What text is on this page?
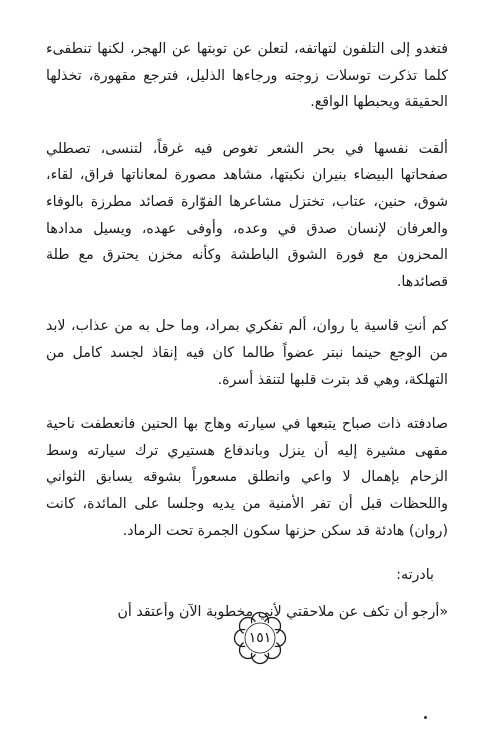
فتغدو إلى التلفون لتهاتفه، لتعلن عن توبتها عن الهجر، لكنها تنطفىء كلما تذكرت توسلات زوجته ورجاءها الذليل، فترجع مقهورة، تخذلها الحقيقة ويحبطها الواقع.

ألقت نفسها في بحر الشعر تغوص فيه غرقاً، لتنسى، تصطلي صفحاتها البيضاء بنيران نكبتها، مشاهد مصورة لمعاناتها فراق، لقاء، شوق، حنين، عتاب، تختزل مشاعرها الفوّارة قصائد مطرزة بالوفاء والعرفان لإنسان صدق في وعده، وأوفى عهده، ويسيل مدادها المحزون مع فورة الشوق الباطشة وكأنه مخزن يحترق مع طلة قصائدها.

كم أنتِ قاسية يا روان، ألم تفكري بمراد، وما حل به من عذاب، لابد من الوجع حينما نبتر عضواً طالما كان فيه إنقاذ لجسد كامل من التهلكة، وهي قد بترت قلبها لتنقذ أسرة.

صادفته ذات صباح يتبعها في سيارته وهاج بها الحنين فانعطفت ناحية مقهى مشيرة إليه أن ينزل وباندفاع هستيري ترك سيارته وسط الزحام بإهمال لا واعي وانطلق مسعوراً بشوقه يسابق الثواني واللحظات قبل أن تفر الأمنية من يديه وجلسا على المائدة، كانت (روان) هادئة قد سكن حزنها سكون الجمرة تحت الرماد.

بادرته:

«أرجو أن تكف عن ملاحقتي لأني مخطوبة الآن وأعتقد أن

١٥١
